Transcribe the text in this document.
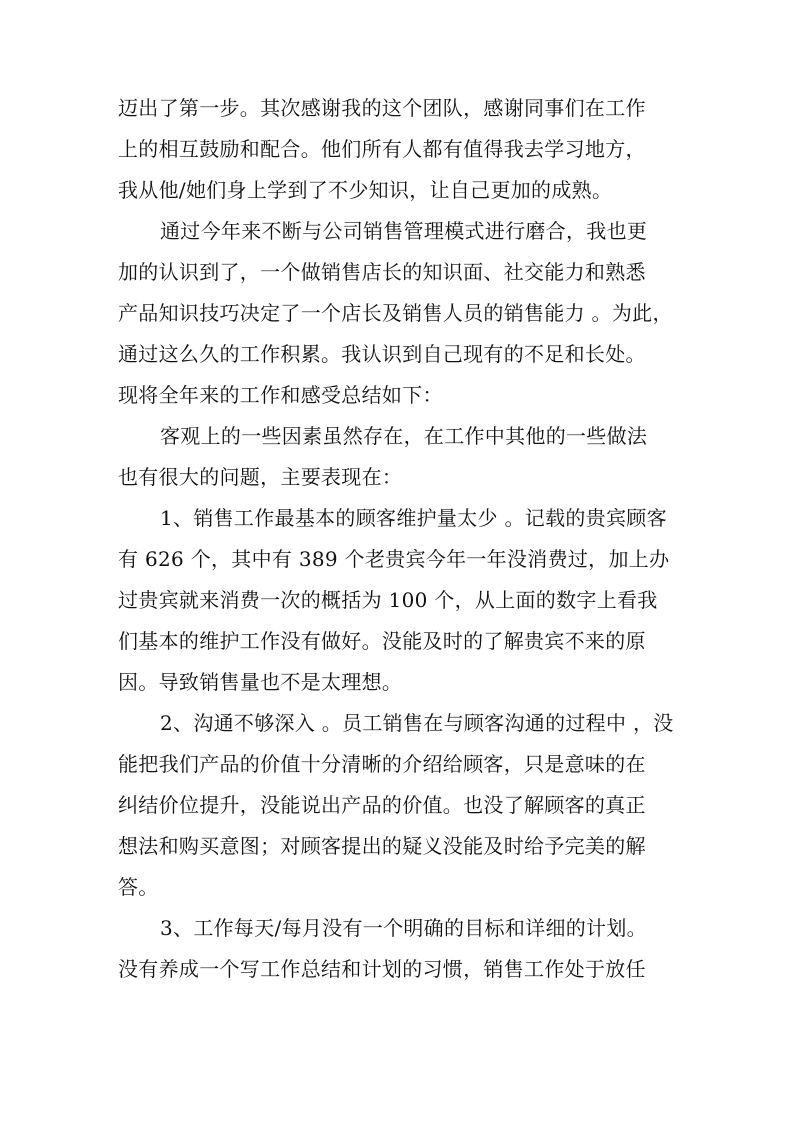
迈出了第一步。其次感谢我的这个团队，感谢同事们在工作
上的相互鼓励和配合。他们所有人都有值得我去学习地方，
我从他/她们身上学到了不少知识，让自己更加的成熟。
通过今年来不断与公司销售管理模式进行磨合，我也更
加的认识到了，一个做销售店长的知识面、社交能力和熟悉
产品知识技巧决定了一个店长及销售人员的销售能力 。为此，
通过这么久的工作积累。我认识到自己现有的不足和长处。
现将全年来的工作和感受总结如下：
客观上的一些因素虽然存在，在工作中其他的一些做法
也有很大的问题，主要表现在：
1、销售工作最基本的顾客维护量太少 。记载的贵宾顾客
有 626 个，其中有 389 个老贵宾今年一年没消费过，加上办
过贵宾就来消费一次的概括为 100 个，从上面的数字上看我
们基本的维护工作没有做好。没能及时的了解贵宾不来的原
因。导致销售量也不是太理想。
2、沟通不够深入 。员工销售在与顾客沟通的过程中 ，没
能把我们产品的价值十分清晰的介绍给顾客，只是意味的在
纠结价位提升，没能说出产品的价值。也没了解顾客的真正
想法和购买意图；对顾客提出的疑义没能及时给予完美的解
答。
3、工作每天/每月没有一个明确的目标和详细的计划。
没有养成一个写工作总结和计划的习惯，销售工作处于放任
